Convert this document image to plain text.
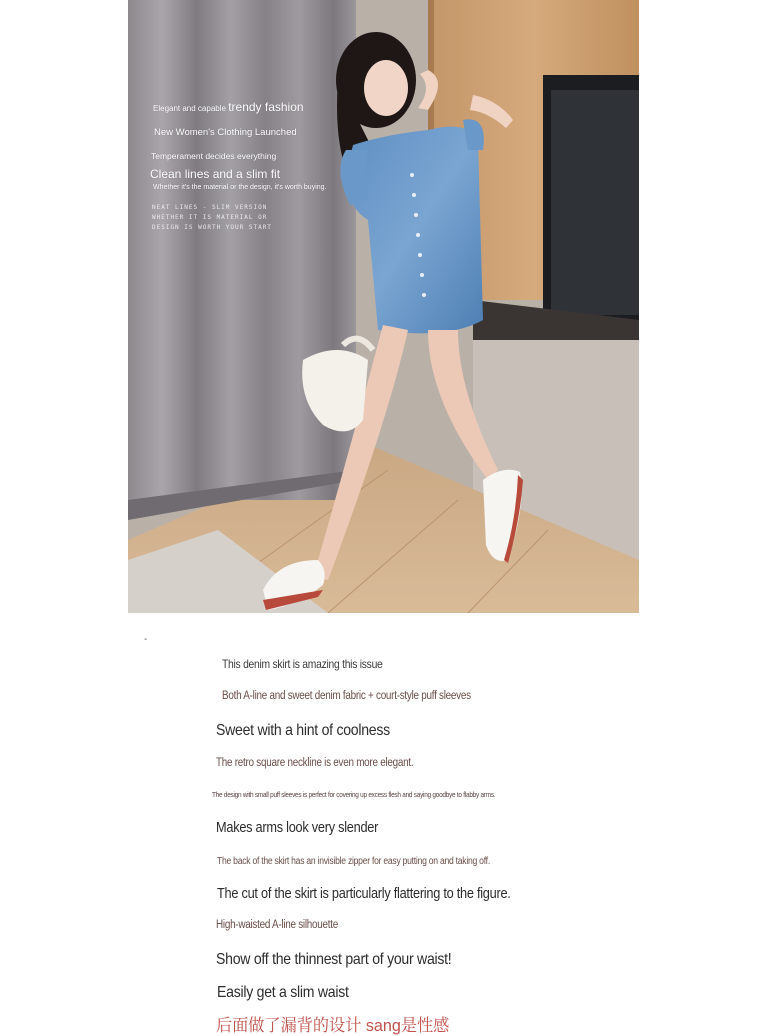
Elegant and capable trendy fashion
New Women's Clothing Launched
Temperament decides everything
Clean lines and a slim fit
Whether it's the material or the design, it's worth buying.
NEAT LINES - SLIM VERSION
WHETHER IT IS MATERIAL OR
DESIGN IS WORTH YOUR START
-
This denim skirt is amazing this issue
Both A-line and sweet denim fabric + court-style puff sleeves
Sweet with a hint of coolness
The retro square neckline is even more elegant.
The design with small puff sleeves is perfect for covering up excess flesh and saying goodbye to flabby arms.
Makes arms look very slender
The back of the skirt has an invisible zipper for easy putting on and taking off.
The cut of the skirt is particularly flattering to the figure.
High-waisted A-line silhouette
Show off the thinnest part of your waist!
Easily get a slim waist
后面做了漏背的设计 sang是性感
